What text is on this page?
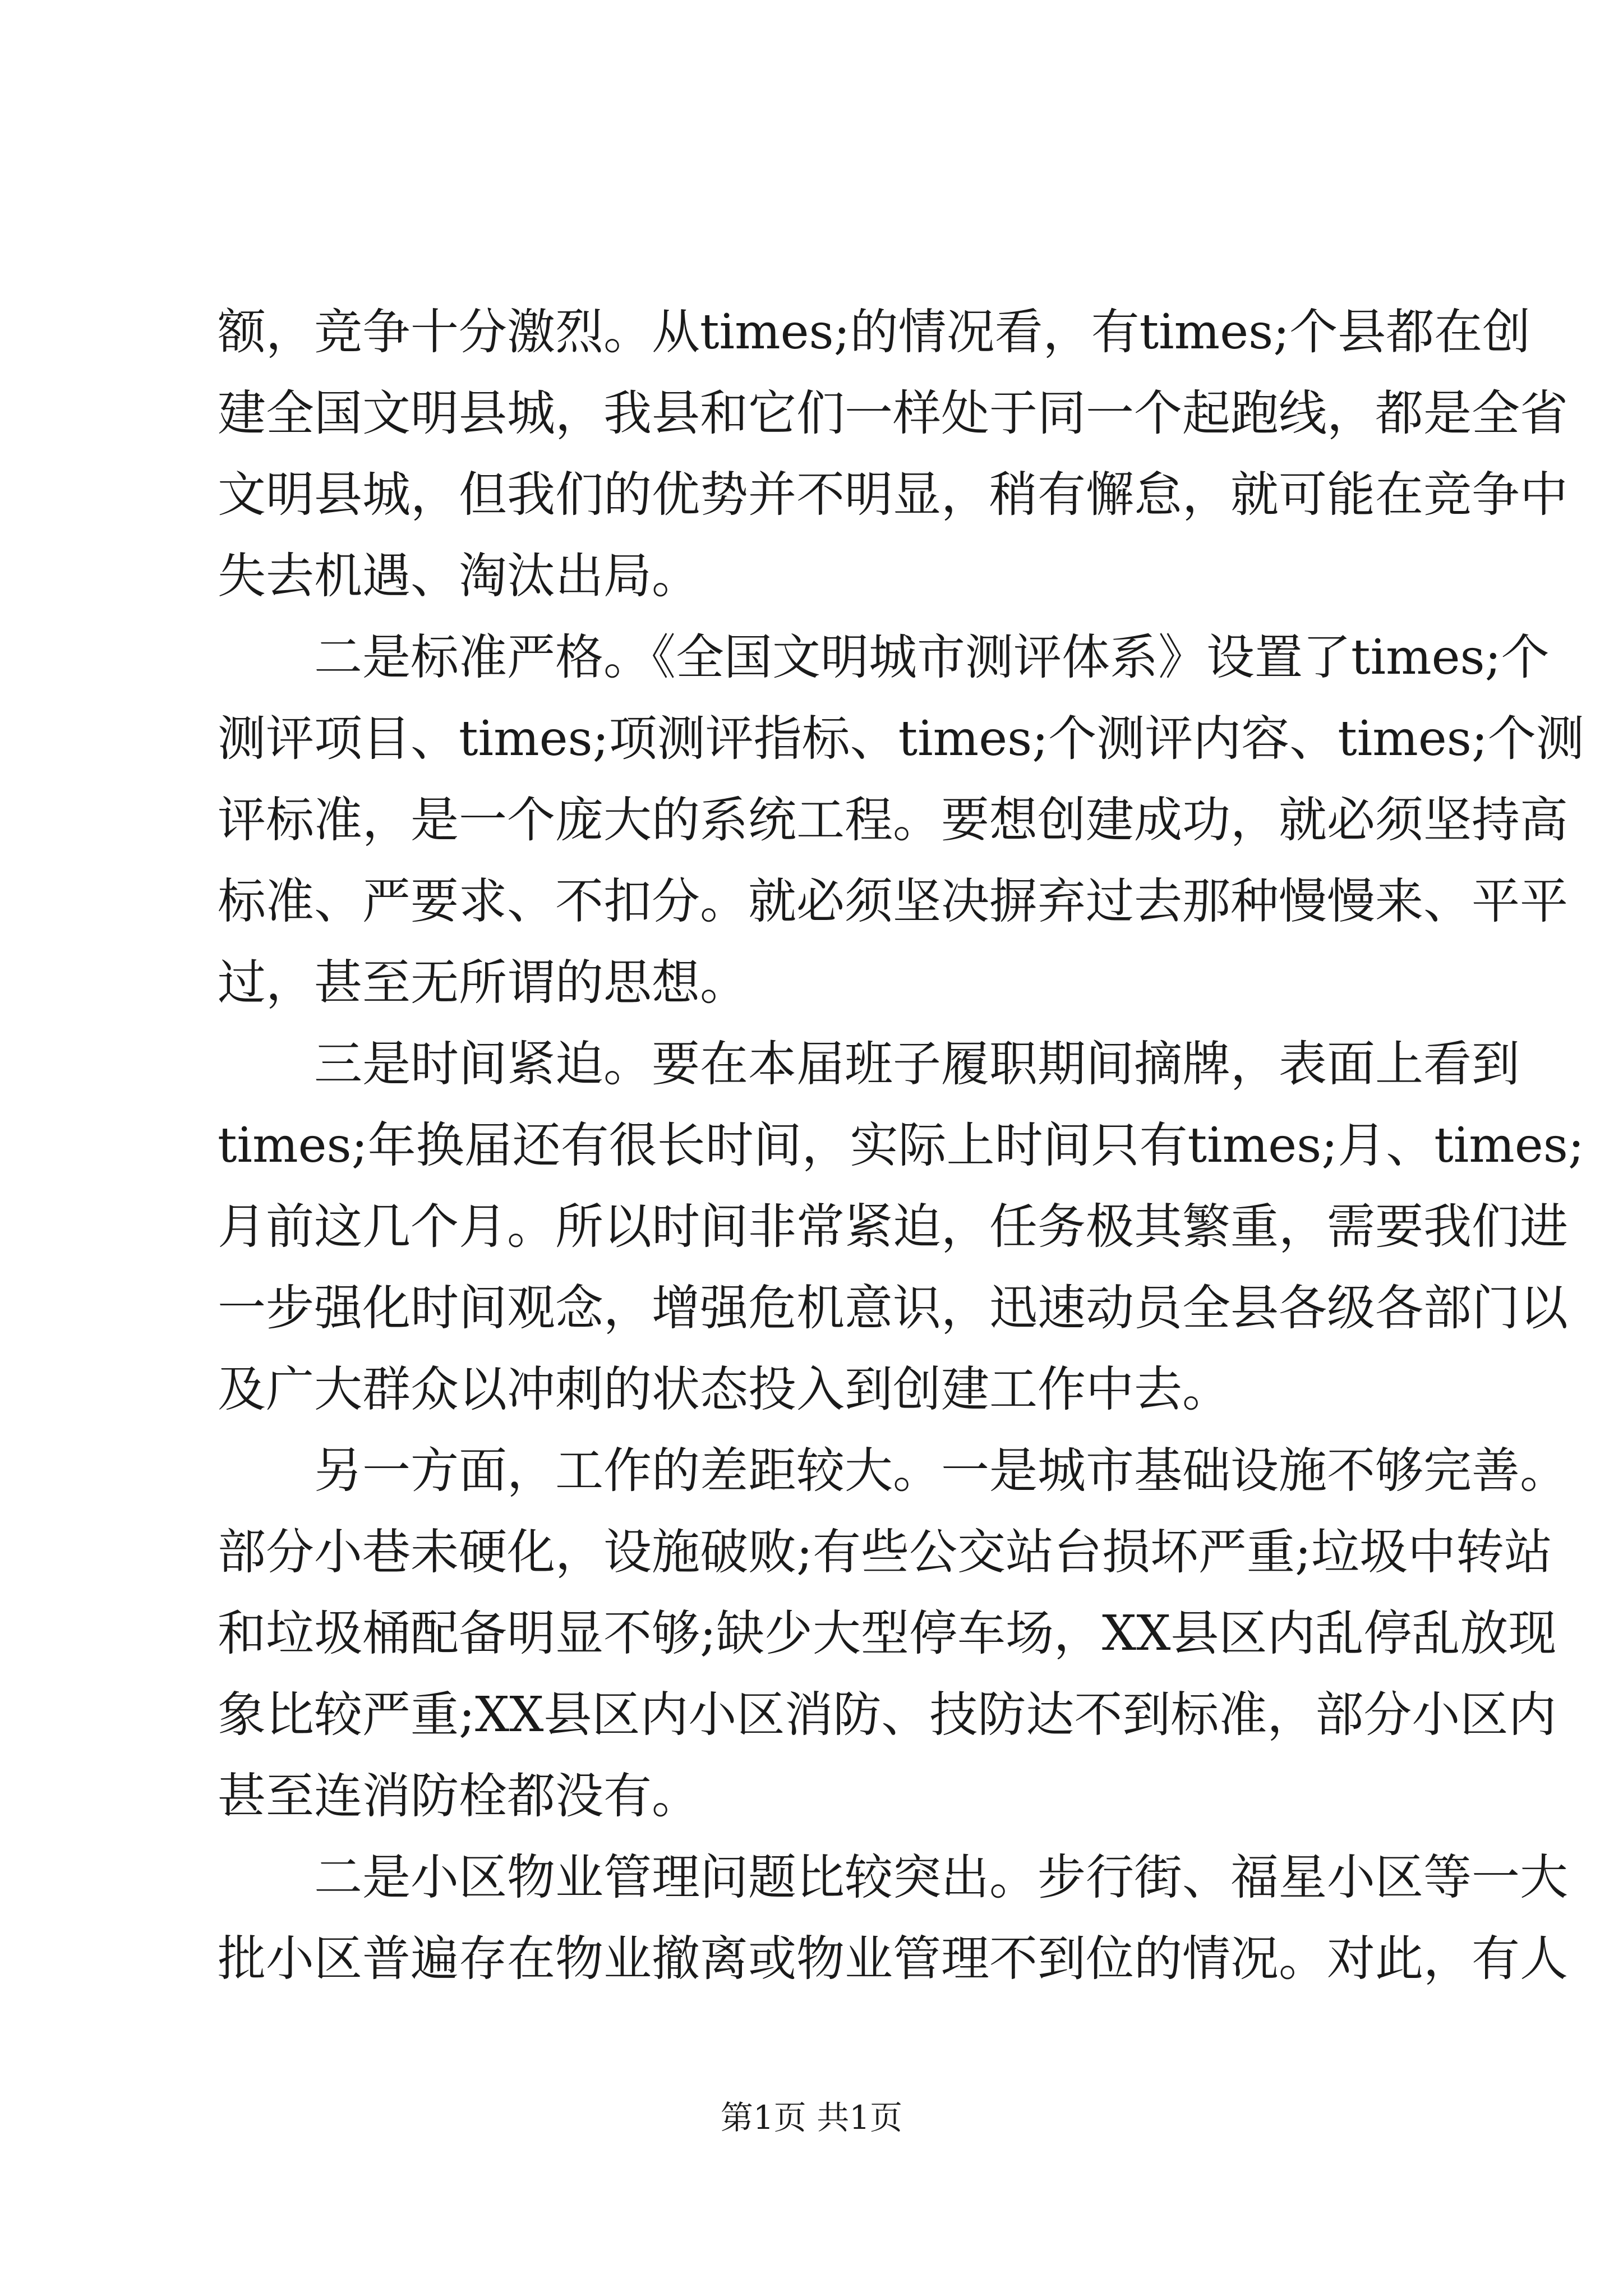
额，竞争十分激烈。从times;的情况看，有times;个县都在创
建全国文明县城，我县和它们一样处于同一个起跑线，都是全省
文明县城，但我们的优势并不明显，稍有懈怠，就可能在竞争中
失去机遇、淘汰出局。
　　二是标准严格。《全国文明城市测评体系》设置了times;个
测评项目、times;项测评指标、times;个测评内容、times;个测
评标准，是一个庞大的系统工程。要想创建成功，就必须坚持高
标准、严要求、不扣分。就必须坚决摒弃过去那种慢慢来、平平
过，甚至无所谓的思想。
　　三是时间紧迫。要在本届班子履职期间摘牌，表面上看到
times;年换届还有很长时间，实际上时间只有times;月、times;
月前这几个月。所以时间非常紧迫，任务极其繁重，需要我们进
一步强化时间观念，增强危机意识，迅速动员全县各级各部门以
及广大群众以冲刺的状态投入到创建工作中去。
　　另一方面，工作的差距较大。一是城市基础设施不够完善。
部分小巷未硬化，设施破败;有些公交站台损坏严重;垃圾中转站
和垃圾桶配备明显不够;缺少大型停车场，XX县区内乱停乱放现
象比较严重;XX县区内小区消防、技防达不到标准，部分小区内
甚至连消防栓都没有。
　　二是小区物业管理问题比较突出。步行街、福星小区等一大
批小区普遍存在物业撤离或物业管理不到位的情况。对此，有人
第1页 共1页
